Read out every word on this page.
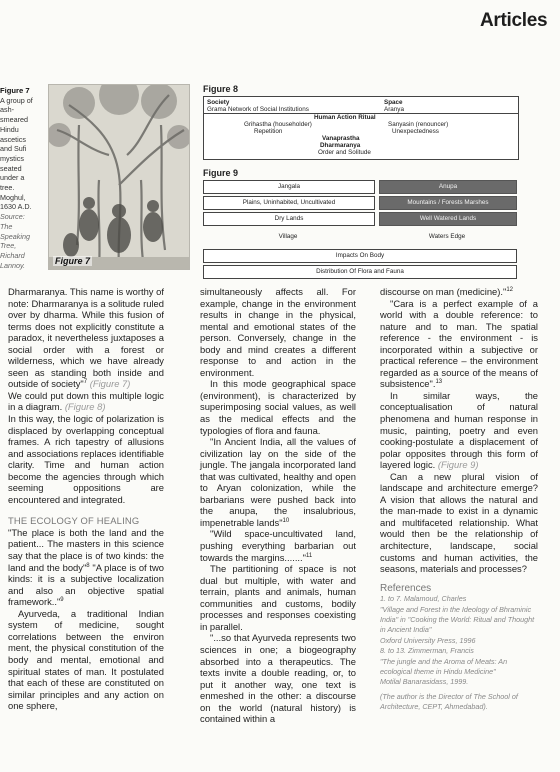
Articles
Figure 7
A group of
ash-
smeared
Hindu
ascetics
and Sufi
mystics
seated
under a
tree.
Moghul,
1630 A.D.
Source:
The
Speaking
Tree,
Richard
Lannoy.	Figure 7
Figure 8
Society
Grama Network of Social Institutions
Space
Aranya
Human Action Ritual
Grihastha (householder)
Repetition
Sanyasin (renouncer)
Unexpectedness
Vanaprastha
Dharmaranya
Order and Solitude
Figure 9
Jangala	Anupa
Plains, Uninhabited, Uncultivated	Mountains / Forests Marshes
Dry Lands	Well Watered Lands
Village	Waters Edge
Impacts On Body
Distribution Of Flora and Fauna

Dharmaranya. This name is worthy of note: Dharmaranya is a solitude ruled over by dharma. While this fusion of terms does not explicitly constitute a paradox, it nevertheless juxtaposes a social order with a forest or wilderness, which we have already seen as standing both inside and outside of society"$^7$ (Figure 7)

We could put down this multiple logic in a diagram. (Figure 8)

In this way, the logic of polarization is displaced by overlapping conceptual frames. A rich tapestry of allusions and associations replaces identifiable clarity. Time and human action become the agencies through which seeming oppositions are encountered and integrated.

THE ECOLOGY OF HEALING

"The place is both the land and the patient... The masters in this science say that the place is of two kinds: the land and the body"$^8$ "A place is of two kinds: it is a subjective localization and also an objective spatial framework.."$^9$

Ayurveda, a traditional Indian system of medicine, sought correlations between the environ ment, the physical constitution of the body and mental, emotional and spiritual states of man. It postulated that each of these are constituted on similar principles and any action on one sphere,

simultaneously affects all. For example, change in the environment results in change in the physical, mental and emotional states of the person. Conversely, change in the body and mind creates a different response to and action in the environment.

In this mode geographical space (environment), is characterized by superimposing social values, as well as the medical effects and the typologies of flora and fauna.

"In Ancient India, all the values of civilization lay on the side of the jungle. The jangala incorporated land that was cultivated, healthy and open to Aryan colonization, while the barbarians were pushed back into the anupa, the insalubrious, impenetrable lands"$^{10}$

"Wild space-uncultivated land, pushing everything barbarian out towards the margins......."$^{11}$

The partitioning of space is not dual but multiple, with water and terrain, plants and animals, human communities and customs, bodily processes and responses coexisting in parallel.

"...so that Ayurveda represents two sciences in one; a biogeography absorbed into a therapeutics. The texts invite a double reading, or, to put it another way, one text is enmeshed in the other: a discourse on the world (natural history) is contained within a

discourse on man (medicine)."$^{12}$

"Cara is a perfect example of a world with a double reference: to nature and to man. The spatial reference - the environment - is incorporated within a subjective or practical reference – the environment regarded as a source of the means of subsistence".$^{13}$

In similar ways, the conceptualisation of natural phenomena and human response in music, painting, poetry and even cooking-postulate a displacement of polar opposites through this form of layered logic. (Figure 9)

Can a new plural vision of landscape and architecture emerge? A vision that allows the natural and the man-made to exist in a dynamic and multifaceted relationship. What would then be the relationship of architecture, landscape, social customs and human activities, the seasons, materials and processes?

References
1. to 7. Malamoud, Charles
"Village and Forest in the Ideology of Bhraminic India" in "Cooking the World: Ritual and Thought in Ancient India"
Oxford University Press, 1996
8. to 13. Zimmerman, Francis
"The jungle and the Aroma of Meats: An ecological theme in Hindu Medicine"
Motilal Banarasidass, 1999.
(The author is the Director of The School of Architecture, CEPT, Ahmedabad).
